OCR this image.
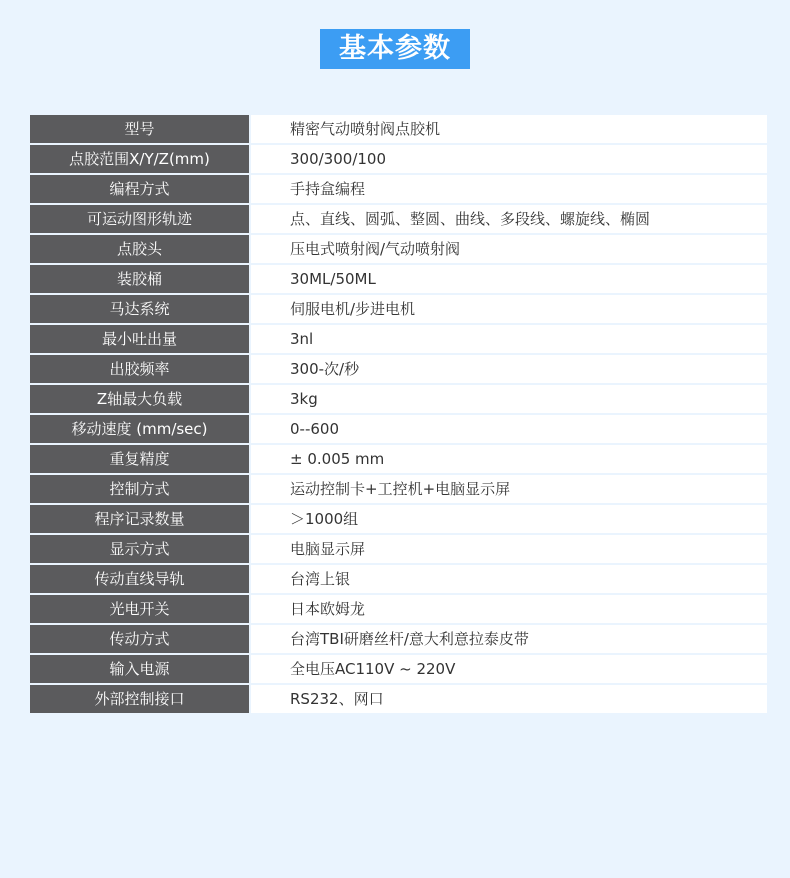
基本参数
型号	精密气动喷射阀点胶机
点胶范围X/Y/Z(mm)	300/300/100
编程方式	手持盒编程
可运动图形轨迹	点、直线、圆弧、整圆、曲线、多段线、螺旋线、椭圆
点胶头	压电式喷射阀/气动喷射阀
装胶桶	30ML/50ML
马达系统	伺服电机/步进电机
最小吐出量	3nl
出胶频率	300-次/秒
Z轴最大负载	3kg
移动速度 (mm/sec)	0--600
重复精度	± 0.005 mm
控制方式	运动控制卡+工控机+电脑显示屏
程序记录数量	＞1000组
显示方式	电脑显示屏
传动直线导轨	台湾上银
光电开关	日本欧姆龙
传动方式	台湾TBI研磨丝杆/意大利意拉泰皮带
输入电源	全电压AC110V ~ 220V
外部控制接口	RS232、网口
